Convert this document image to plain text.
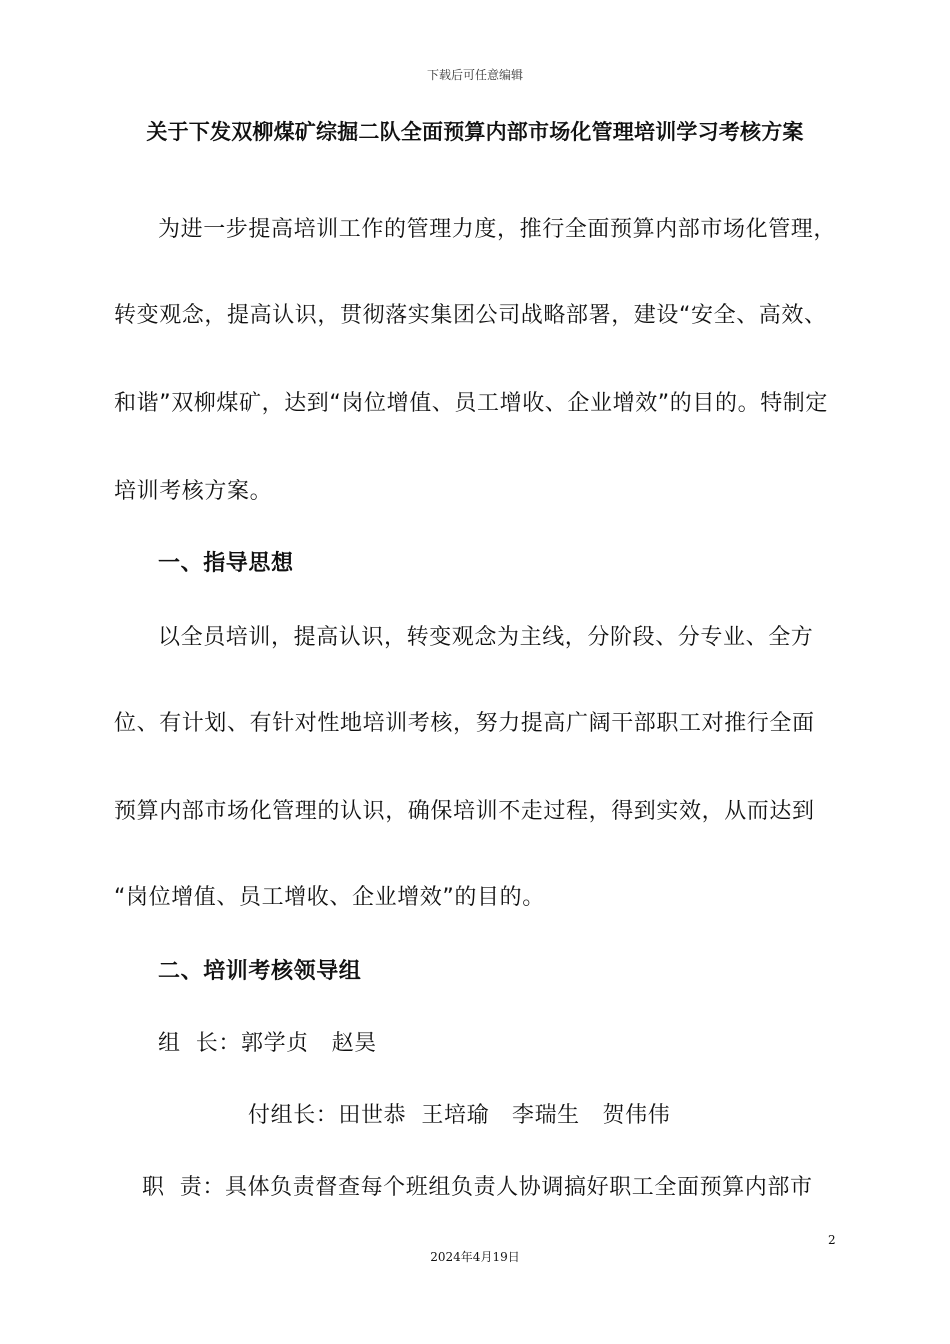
下载后可任意编辑
关于下发双柳煤矿综掘二队全面预算内部市场化管理培训学习考核方案
为进一步提高培训工作的管理力度，推行全面预算内部市场化管理，
转变观念，提高认识，贯彻落实集团公司战略部署，建设“安全、高效、
和谐”双柳煤矿，达到“岗位增值、员工增收、企业增效”的目的。特制定
培训考核方案。
一、指导思想
以全员培训，提高认识，转变观念为主线，分阶段、分专业、全方
位、有计划、有针对性地培训考核，努力提高广阔干部职工对推行全面
预算内部市场化管理的认识，确保培训不走过程，得到实效，从而达到
“岗位增值、员工增收、企业增效”的目的。
二、培训考核领导组
组  长：郭学贞   赵昊
付组长：田世恭  王培瑜   李瑞生   贺伟伟
职  责：具体负责督查每个班组负责人协调搞好职工全面预算内部市
2
2024年4月19日
